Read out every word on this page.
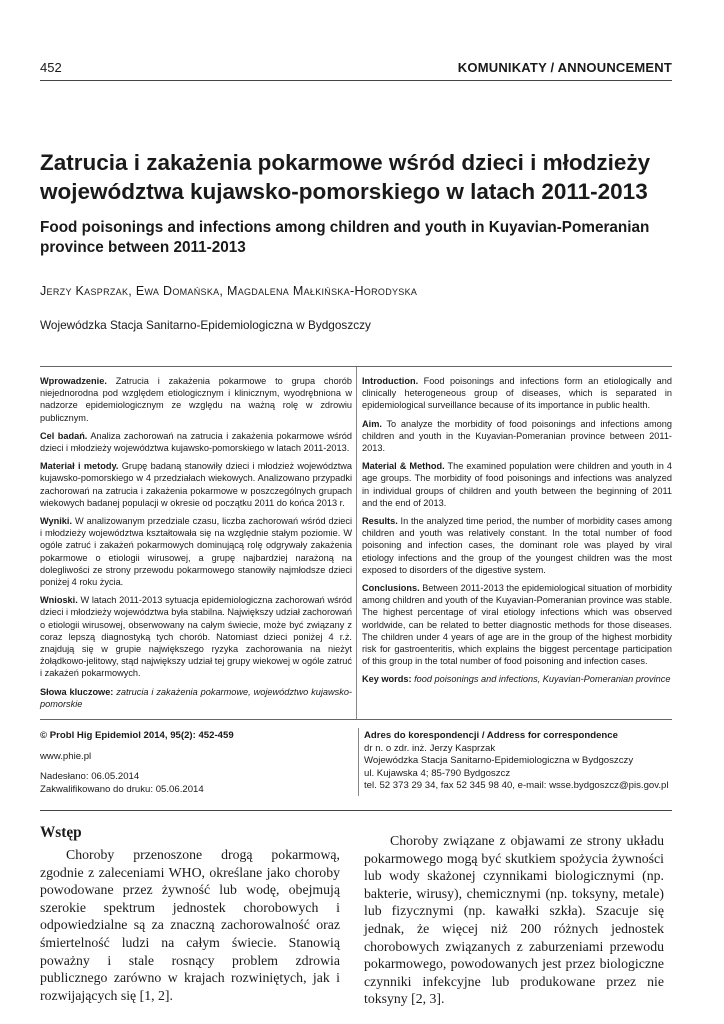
452	KOMUNIKATY / ANNOUNCEMENT
Zatrucia i zakażenia pokarmowe wśród dzieci i młodzieży województwa kujawsko-pomorskiego w latach 2011-2013
Food poisonings and infections among children and youth in Kuyavian-Pomeranian province between 2011-2013
Jerzy Kasprzak, Ewa Domańska, Magdalena Małkińska-Horodyska
Wojewódzka Stacja Sanitarno-Epidemiologiczna w Bydgoszczy

Wprowadzenie. Zatrucia i zakażenia pokarmowe to grupa chorób niejednorodna pod względem etiologicznym i klinicznym, wyodrębniona w nadzorze epidemiologicznym ze względu na ważną rolę w zdrowiu publicznym.

Cel badań. Analiza zachorowań na zatrucia i zakażenia pokarmowe wśród dzieci i młodzieży województwa kujawsko-pomorskiego w latach 2011-2013.

Materiał i metody. Grupę badaną stanowiły dzieci i młodzież województwa kujawsko-pomorskiego w 4 przedziałach wiekowych. Analizowano przypadki zachorowań na zatrucia i zakażenia pokarmowe w poszczególnych grupach wiekowych badanej populacji w okresie od początku 2011 do końca 2013 r.

Wyniki. W analizowanym przedziale czasu, liczba zachorowań wśród dzieci i młodzieży województwa kształtowała się na względnie stałym poziomie. W ogóle zatruć i zakażeń pokarmowych dominującą rolę odgrywały zakażenia pokarmowe o etiologii wirusowej, a grupę najbardziej narażoną na dolegliwości ze strony przewodu pokarmowego stanowiły najmłodsze dzieci poniżej 4 roku życia.

Wnioski. W latach 2011-2013 sytuacja epidemiologiczna zachorowań wśród dzieci i młodzieży województwa była stabilna. Największy udział zachorowań o etiologii wirusowej, obserwowany na całym świecie, może być związany z coraz lepszą diagnostyką tych chorób. Natomiast dzieci poniżej 4 r.ż. znajdują się w grupie największego ryzyka zachorowania na nieżyt żołądkowo-jelitowy, stąd największy udział tej grupy wiekowej w ogóle zatruć i zakażeń pokarmowych.

Słowa kluczowe: zatrucia i zakażenia pokarmowe, województwo kujawsko-pomorskie

Introduction. Food poisonings and infections form an etiologically and clinically heterogeneous group of diseases, which is separated in epidemiological surveillance because of its importance in public health.

Aim. To analyze the morbidity of food poisonings and infections among children and youth in the Kuyavian-Pomeranian province between 2011-2013.

Material & Method. The examined population were children and youth in 4 age groups. The morbidity of food poisonings and infections was analyzed in individual groups of children and youth between the beginning of 2011 and the end of 2013.

Results. In the analyzed time period, the number of morbidity cases among children and youth was relatively constant. In the total number of food poisoning and infection cases, the dominant role was played by viral etiology infections and the group of the youngest children was the most exposed to disorders of the digestive system.

Conclusions. Between 2011-2013 the epidemiological situation of morbidity among children and youth of the Kuyavian-Pomeranian province was stable. The highest percentage of viral etiology infections which was observed worldwide, can be related to better diagnostic methods for those diseases. The children under 4 years of age are in the group of the highest morbidity risk for gastroenteritis, which explains the biggest percentage participation of this group in the total number of food poisoning and infection cases.

Key words: food poisonings and infections, Kuyavian-Pomeranian province

© Probl Hig Epidemiol 2014, 95(2): 452-459

www.phie.pl

Nadesłano: 06.05.2014
Zakwalifikowano do druku: 05.06.2014
Adres do korespondencji / Address for correspondence
dr n. o zdr. inż. Jerzy Kasprzak
Wojewódzka Stacja Sanitarno-Epidemiologiczna w Bydgoszczy
ul. Kujawska 4; 85-790 Bydgoszcz
tel. 52 373 29 34, fax 52 345 98 40, e-mail: wsse.bydgoszcz@pis.gov.pl
Wstęp

Choroby przenoszone drogą pokarmową, zgodnie z zaleceniami WHO, określane jako choroby powodowane przez żywność lub wodę, obejmują szerokie spektrum jednostek chorobowych i odpowiedzialne są za znaczną zachorowalność oraz śmiertelność ludzi na całym świecie. Stanowią poważny i stale rosnący problem zdrowia publicznego zarówno w krajach rozwiniętych, jak i rozwijających się [1, 2].

Choroby związane z objawami ze strony układu pokarmowego mogą być skutkiem spożycia żywności lub wody skażonej czynnikami biologicznymi (np. bakterie, wirusy), chemicznymi (np. toksyny, metale) lub fizycznymi (np. kawałki szkła). Szacuje się jednak, że więcej niż 200 różnych jednostek chorobowych związanych z zaburzeniami przewodu pokarmowego, powodowanych jest przez biologiczne czynniki infekcyjne lub produkowane przez nie toksyny [2, 3].
